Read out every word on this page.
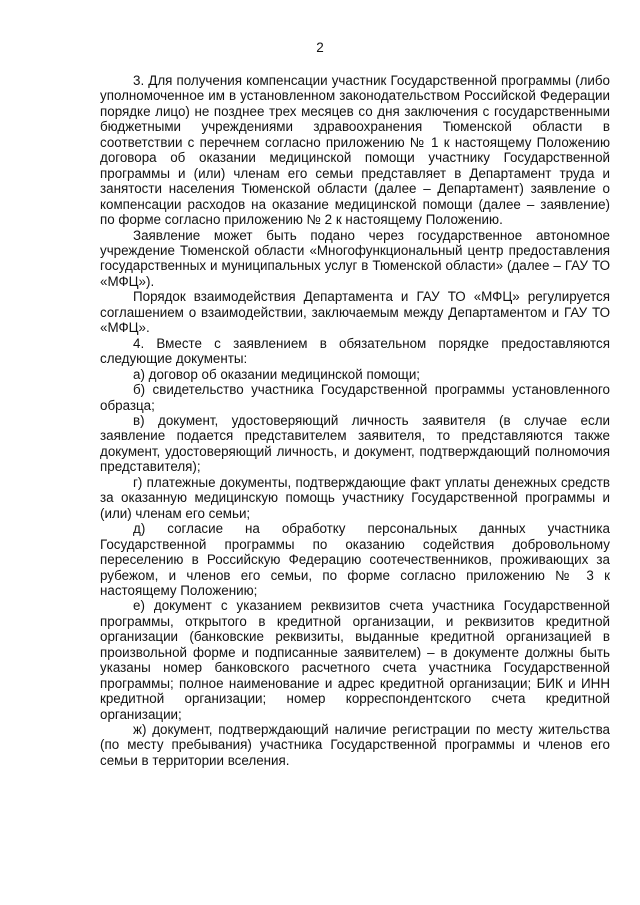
2

3. Для получения компенсации участник Государственной программы (либо уполномоченное им в установленном законодательством Российской Федерации порядке лицо) не позднее трех месяцев со дня заключения с государственными бюджетными учреждениями здравоохранения Тюменской области в соответствии с перечнем согласно приложению № 1 к настоящему Положению договора об оказании медицинской помощи участнику Государственной программы и (или) членам его семьи представляет в Департамент труда и занятости населения Тюменской области (далее – Департамент) заявление о компенсации расходов на оказание медицинской помощи (далее – заявление) по форме согласно приложению № 2 к настоящему Положению.

Заявление может быть подано через государственное автономное учреждение Тюменской области «Многофункциональный центр предоставления государственных и муниципальных услуг в Тюменской области» (далее – ГАУ ТО «МФЦ»).

Порядок взаимодействия Департамента и ГАУ ТО «МФЦ» регулируется соглашением о взаимодействии, заключаемым между Департаментом и ГАУ ТО «МФЦ».

4. Вместе с заявлением в обязательном порядке предоставляются следующие документы:

а) договор об оказании медицинской помощи;

б) свидетельство участника Государственной программы установленного образца;

в) документ, удостоверяющий личность заявителя (в случае если заявление подается представителем заявителя, то представляются также документ, удостоверяющий личность, и документ, подтверждающий полномочия представителя);

г) платежные документы, подтверждающие факт уплаты денежных средств за оказанную медицинскую помощь участнику Государственной программы и (или) членам его семьи;

д) согласие на обработку персональных данных участника Государственной программы по оказанию содействия добровольному переселению в Российскую Федерацию соотечественников, проживающих за рубежом, и членов его семьи, по форме согласно приложению № 3 к настоящему Положению;

е) документ с указанием реквизитов счета участника Государственной программы, открытого в кредитной организации, и реквизитов кредитной организации (банковские реквизиты, выданные кредитной организацией в произвольной форме и подписанные заявителем) – в документе должны быть указаны номер банковского расчетного счета участника Государственной программы; полное наименование и адрес кредитной организации; БИК и ИНН кредитной организации; номер корреспондентского счета кредитной организации;

ж) документ, подтверждающий наличие регистрации по месту жительства (по месту пребывания) участника Государственной программы и членов его семьи в территории вселения.
